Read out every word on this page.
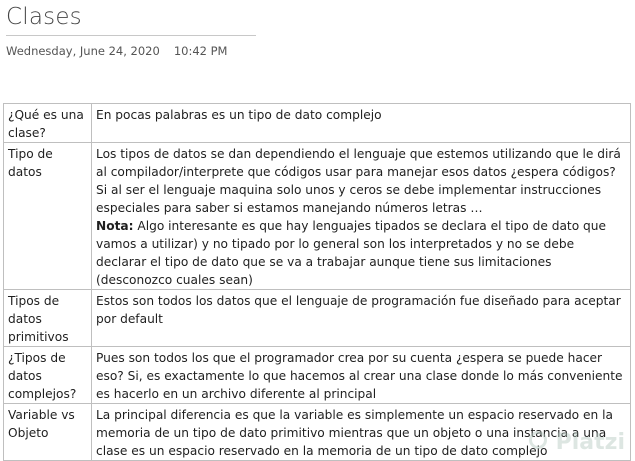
Clases
Wednesday, June 24, 2020 10:42 PM
¿Qué es una clase?	En pocas palabras es un tipo de dato complejo
Tipo de datos	Los tipos de datos se dan dependiendo el lenguaje que estemos utilizando que le dirá al compilador/interprete que códigos usar para manejar esos datos ¿espera códigos? Si al ser el lenguaje maquina solo unos y ceros se debe implementar instrucciones especiales para saber si estamos manejando números letras …
Nota: Algo interesante es que hay lenguajes tipados se declara el tipo de dato que vamos a utilizar) y no tipado por lo general son los interpretados y no se debe declarar el tipo de dato que se va a trabajar aunque tiene sus limitaciones (desconozco cuales sean)
Tipos de datos primitivos	Estos son todos los datos que el lenguaje de programación fue diseñado para aceptar por default
¿Tipos de datos complejos?	Pues son todos los que el programador crea por su cuenta ¿espera se puede hacer eso? Si, es exactamente lo que hacemos al crear una clase donde lo más conveniente es hacerlo en un archivo diferente al principal
Variable vs Objeto	La principal diferencia es que la variable es simplemente un espacio reservado en la memoria de un tipo de dato primitivo mientras que un objeto o una instancia a una clase es un espacio reservado en la memoria de un tipo de dato complejo Platzi
